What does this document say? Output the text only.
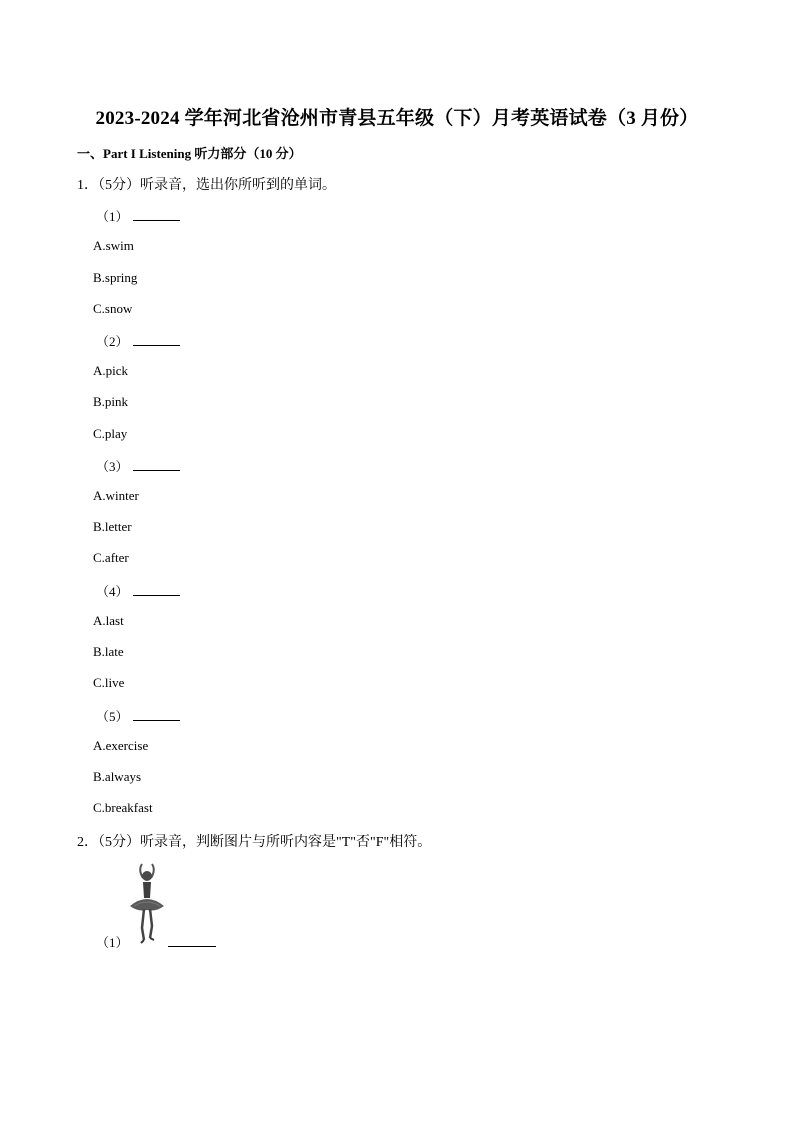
2023-2024 学年河北省沧州市青县五年级（下）月考英语试卷（3 月份）
一、Part I Listening 听力部分（10 分）
1．（5分）听录音，选出你所听到的单词。
（1）
A.swim
B.spring
C.snow
（2）
A.pick
B.pink
C.play
（3）
A.winter
B.letter
C.after
（4）
A.last
B.late
C.live
（5）
A.exercise
B.always
C.breakfast
2．（5分）听录音，判断图片与所听内容是"T"否"F"相符。
（1）
